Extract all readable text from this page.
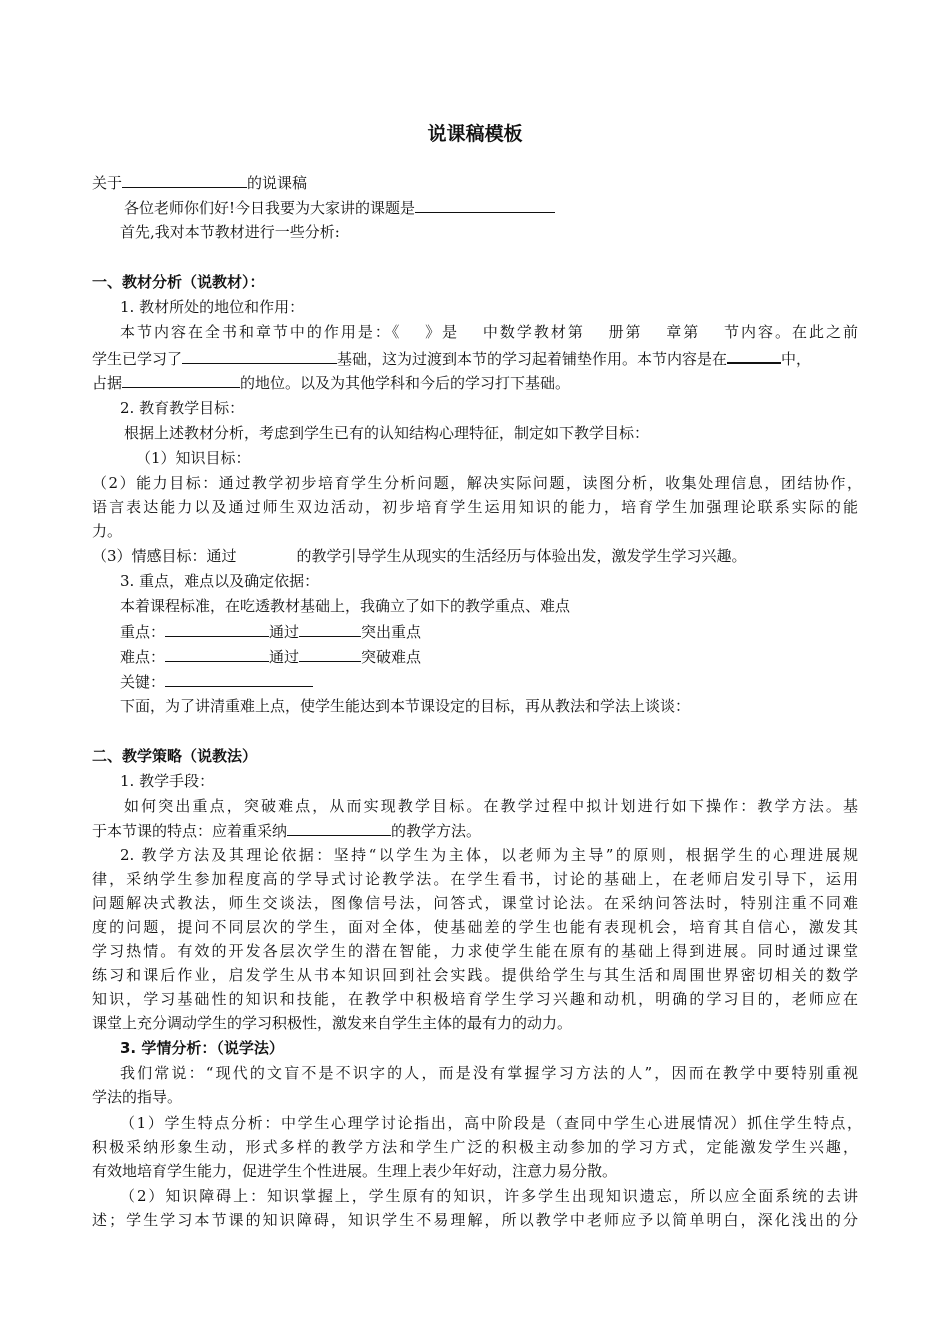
说课稿模板
关于	的说课稿
各位老师你们好!今日我要为大家讲的课题是
首先,我对本节教材进行一些分析:
一、教材分析（说教材）：
1. 教材所处的地位和作用：
本节内容在全书和章节中的作用是：《　 》是　 中数学教材第　 册第　 章第　 节内容。在此之前
学生已学习了	基础，这为过渡到本节的学习起着铺垫作用。本节内容是在	中，
占据	的地位。以及为其他学科和今后的学习打下基础。
2. 教育教学目标：
根据上述教材分析，考虑到学生已有的认知结构心理特征，制定如下教学目标：
（1）知识目标：
（2）能力目标：通过教学初步培育学生分析问题，解决实际问题，读图分析，收集处理信息，团结协作，
语言表达能力以及通过师生双边活动，初步培育学生运用知识的能力，培育学生加强理论联系实际的能
力。
（3）情感目标：通过	的教学引导学生从现实的生活经历与体验出发，激发学生学习兴趣。
3. 重点，难点以及确定依据：
本着课程标准，在吃透教材基础上，我确立了如下的教学重点、难点
重点：	通过	突出重点
难点：	通过	突破难点
关键：
下面，为了讲清重难上点，使学生能达到本节课设定的目标，再从教法和学法上谈谈：
二、教学策略（说教法）
1. 教学手段：
如何突出重点，突破难点，从而实现教学目标。在教学过程中拟计划进行如下操作：教学方法。基
于本节课的特点：应着重采纳	的教学方法。
2. 教学方法及其理论依据：坚持“以学生为主体，以老师为主导”的原则，根据学生的心理进展规
律，采纳学生参加程度高的学导式讨论教学法。在学生看书，讨论的基础上，在老师启发引导下，运用
问题解决式教法，师生交谈法，图像信号法，问答式，课堂讨论法。在采纳问答法时，特别注重不同难
度的问题，提问不同层次的学生，面对全体，使基础差的学生也能有表现机会，培育其自信心，激发其
学习热情。有效的开发各层次学生的潜在智能，力求使学生能在原有的基础上得到进展。同时通过课堂
练习和课后作业，启发学生从书本知识回到社会实践。提供给学生与其生活和周围世界密切相关的数学
知识，学习基础性的知识和技能，在教学中积极培育学生学习兴趣和动机，明确的学习目的，老师应在
课堂上充分调动学生的学习积极性，激发来自学生主体的最有力的动力。
3. 学情分析：（说学法）
我们常说：“现代的文盲不是不识字的人，而是没有掌握学习方法的人”，因而在教学中要特别重视
学法的指导。
（1）学生特点分析：中学生心理学讨论指出，高中阶段是（查同中学生心进展情况）抓住学生特点，
积极采纳形象生动，形式多样的教学方法和学生广泛的积极主动参加的学习方式，定能激发学生兴趣，
有效地培育学生能力，促进学生个性进展。生理上表少年好动，注意力易分散。
（2）知识障碍上：知识掌握上，学生原有的知识，许多学生出现知识遗忘，所以应全面系统的去讲
述；学生学习本节课的知识障碍，知识学生不易理解，所以教学中老师应予以简单明白，深化浅出的分
